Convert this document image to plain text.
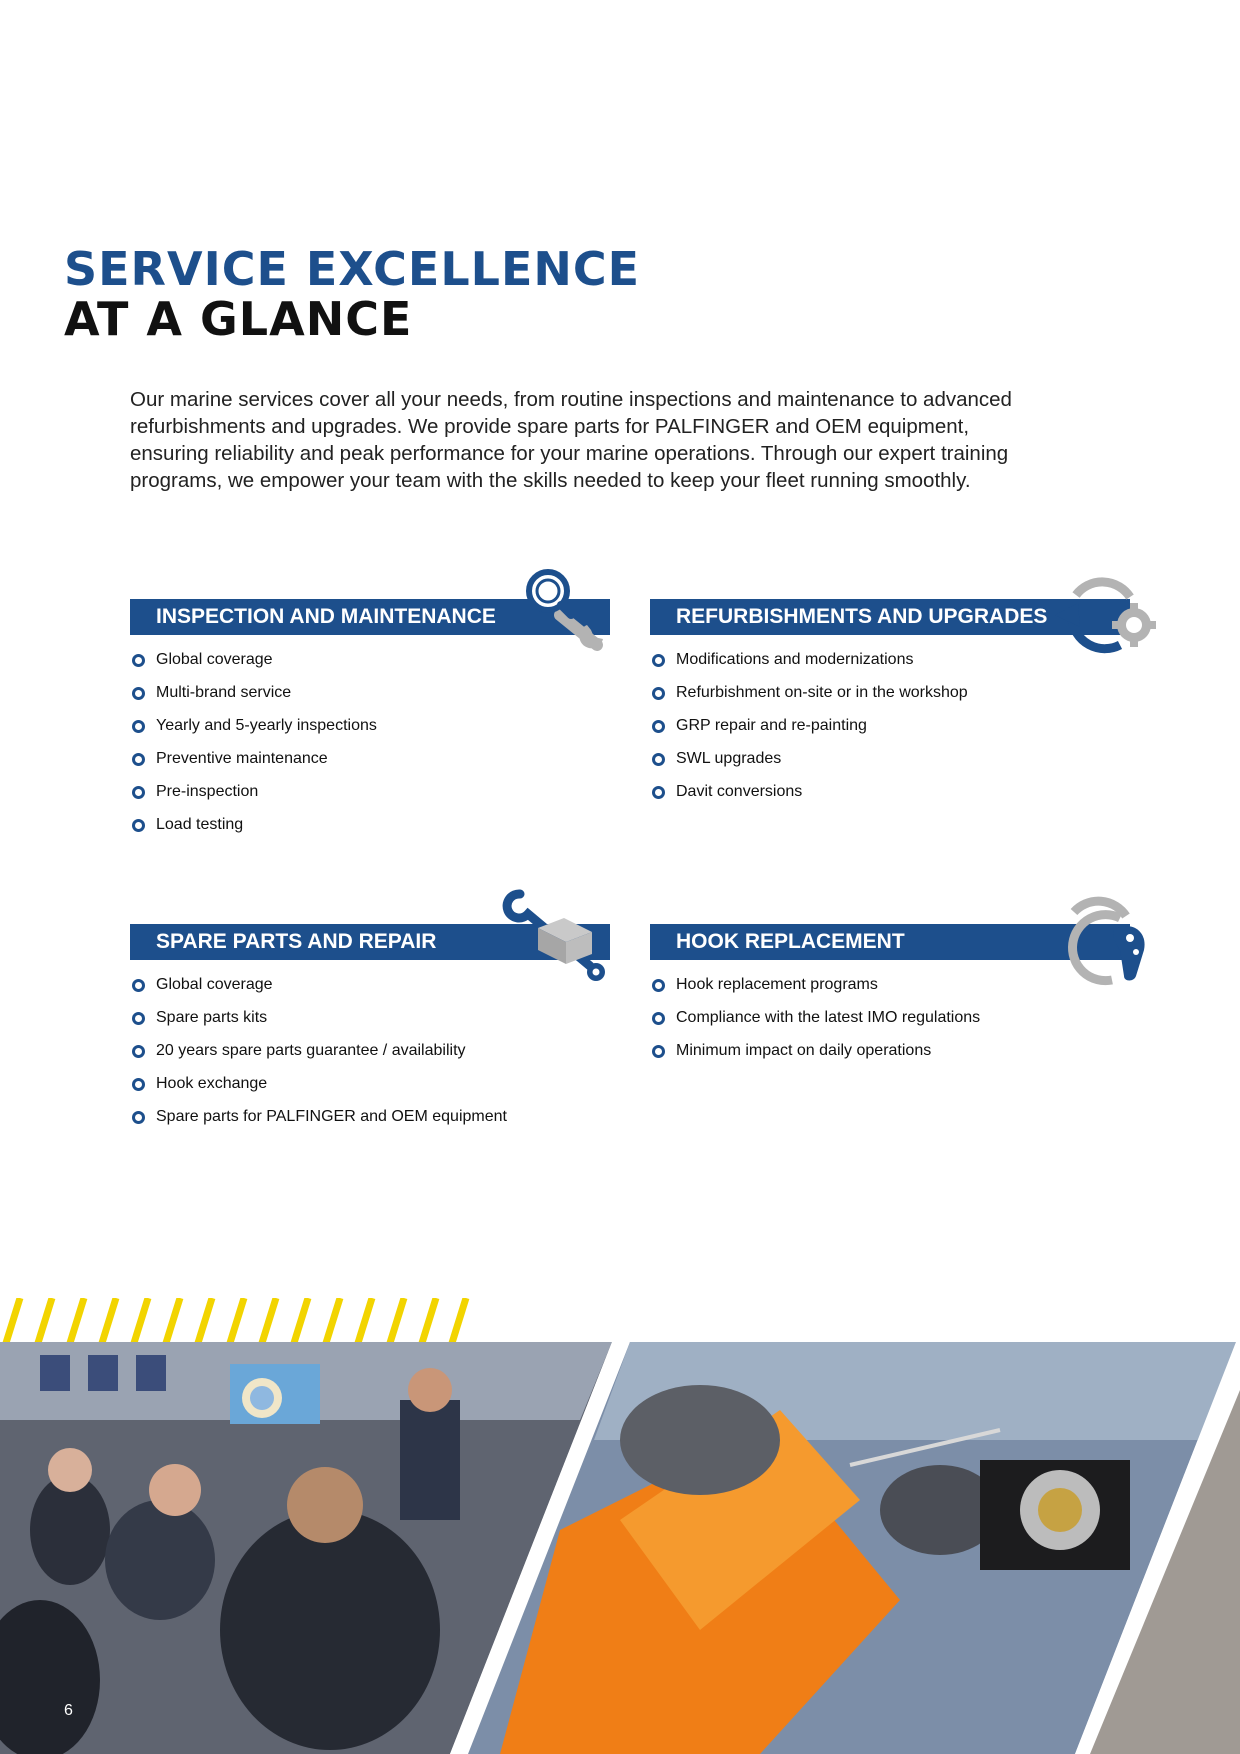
SERVICE EXCELLENCE
AT A GLANCE

Our marine services cover all your needs, from routine inspections and maintenance to advanced refurbishments and upgrades. We provide spare parts for PALFINGER and OEM equipment, ensuring reliability and peak performance for your marine operations. Through our expert training programs, we empower your team with the skills needed to keep your fleet running smoothly.

INSPECTION AND MAINTENANCE
Global coverage
Multi-brand service
Yearly and 5-yearly inspections
Preventive maintenance
Pre-inspection
Load testing
REFURBISHMENTS AND UPGRADES
Modifications and modernizations
Refurbishment on-site or in the workshop
GRP repair and re-painting
SWL upgrades
Davit conversions
SPARE PARTS AND REPAIR
Global coverage
Spare parts kits
20 years spare parts guarantee / availability
Hook exchange
Spare parts for PALFINGER and OEM equipment
HOOK REPLACEMENT
Hook replacement programs
Compliance with the latest IMO regulations
Minimum impact on daily operations
6
